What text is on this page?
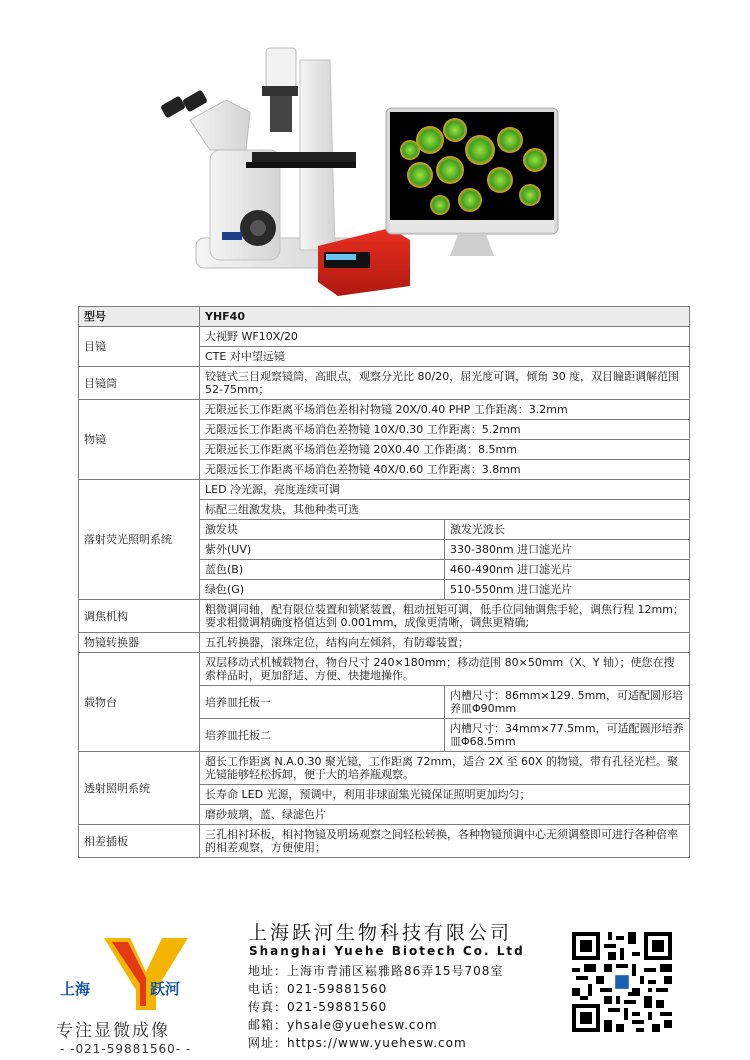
型号	YHF40	
目镜	大视野 WF10X/20	
	CTE 对中望远镜	
目镜筒	铰链式三目观察镜筒，高眼点，观察分光比 80/20，屈光度可调，倾角 30 度，双目瞳距调解范围 52-75mm；	
物镜	无限远长工作距离平场消色差相衬物镜 20X/0.40 PHP 工作距离：3.2mm	
	无限远长工作距离平场消色差物镜 10X/0.30 工作距离：5.2mm	
	无限远长工作距离平场消色差物镜 20X0.40 工作距离：8.5mm	
	无限远长工作距离平场消色差物镜 40X/0.60 工作距离：3.8mm	
落射荧光照明系统	LED 冷光源，亮度连续可调	
	标配三组激发块，其他种类可选	
	激发块	激发光波长
	紫外(UV)	330-380nm 进口滤光片
	蓝色(B)	460-490nm 进口滤光片
	绿色(G)	510-550nm 进口滤光片
调焦机构	粗微调同轴，配有限位装置和锁紧装置，粗动扭矩可调，低手位同轴调焦手轮，调焦行程 12mm；要求粗微调精确度格值达到 0.001mm，成像更清晰，调焦更精确;	
物镜转换器	五孔转换器，滚珠定位，结构向左倾斜，有防霉装置；	
载物台	双层移动式机械载物台，物台尺寸 240×180mm；移动范围 80×50mm（X、Y 轴）；使您在搜索样品时，更加舒适、方便、快捷地操作。	
	培养皿托板一	内槽尺寸：86mm×129. 5mm，可适配圆形培养皿Φ90mm
	培养皿托板二	内槽尺寸：34mm×77.5mm，可适配圆形培养皿Φ68.5mm
透射照明系统	超长工作距离 N.A.0.30 聚光镜，工作距离 72mm，适合 2X 至 60X 的物镜，带有孔径光栏。聚光镜能够轻松拆卸，便于大的培养瓶观察。	
	长寿命 LED 光源，预调中，利用非球面集光镜保证照明更加均匀；	
	磨砂玻璃，蓝、绿滤色片	
相差插板	三孔相衬环板，相衬物镜及明场观察之间轻松转换，各种物镜预调中心无须调整即可进行各种倍率的相差观察，方便使用；	
上海	跃河
专注显微成像
- -021-59881560- -
上海跃河生物科技有限公司
Shanghai Yuehe Biotech Co. Ltd
地址：上海市青浦区崧雅路86弄15号708室
电话：021-59881560
传真：021-59881560
邮箱：yhsale@yuehesw.com
网址：https://www.yuehesw.com
